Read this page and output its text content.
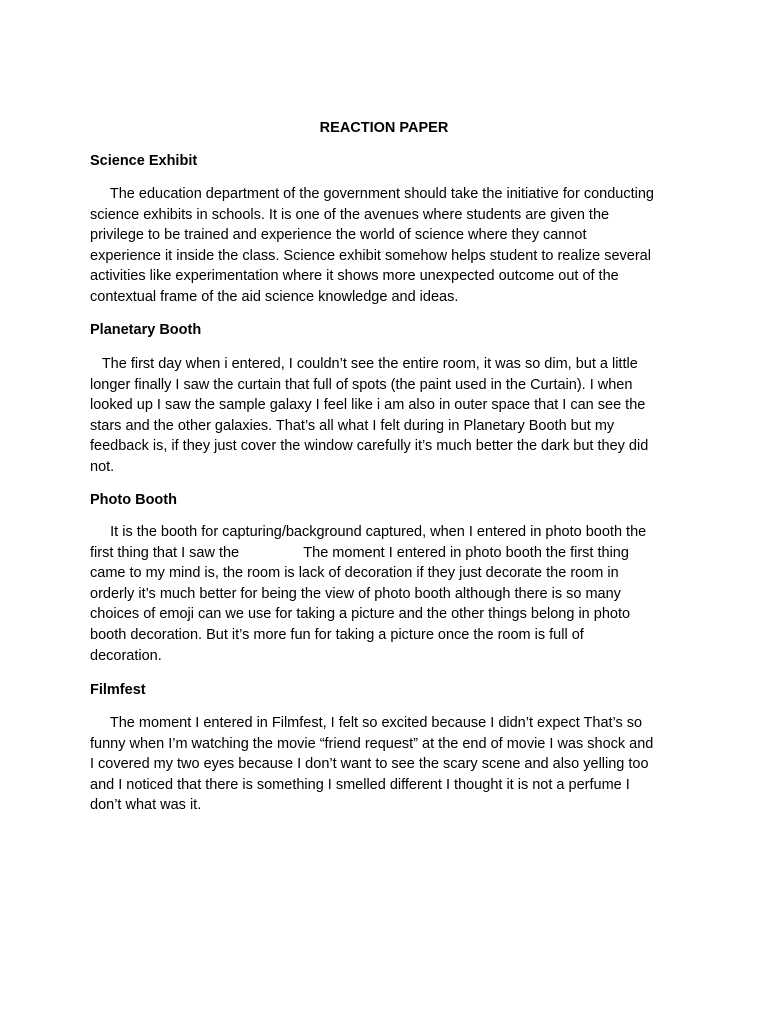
REACTION PAPER
Science Exhibit
The education department of the government should take the initiative for conducting
science exhibits in schools. It is one of the avenues where students are given the
privilege to be trained and experience the world of science where they cannot
experience it inside the class. Science exhibit somehow helps student to realize several
activities like experimentation where it shows more unexpected outcome out of the
contextual frame of the aid science knowledge and ideas.
Planetary Booth
The first day when i entered, I couldn’t see the entire room, it was so dim, but a little
longer finally I saw the curtain that full of spots (the paint used in the Curtain). I when
looked up I saw the sample galaxy I feel like i am also in outer space that I can see the
stars and the other galaxies. That’s all what I felt during in Planetary Booth but my
feedback is, if they just cover the window carefully it’s much better the dark but they did
not.
Photo Booth
It is the booth for capturing/background captured, when I entered in photo booth the
first thing that I saw the                The moment I entered in photo booth the first thing
came to my mind is, the room is lack of decoration if they just decorate the room in
orderly it’s much better for being the view of photo booth although there is so many
choices of emoji can we use for taking a picture and the other things belong in photo
booth decoration. But it’s more fun for taking a picture once the room is full of
decoration.
Filmfest
The moment I entered in Filmfest, I felt so excited because I didn’t expect That’s so
funny when I’m watching the movie “friend request” at the end of movie I was shock and
I covered my two eyes because I don’t want to see the scary scene and also yelling too
and I noticed that there is something I smelled different I thought it is not a perfume I
don’t what was it.
